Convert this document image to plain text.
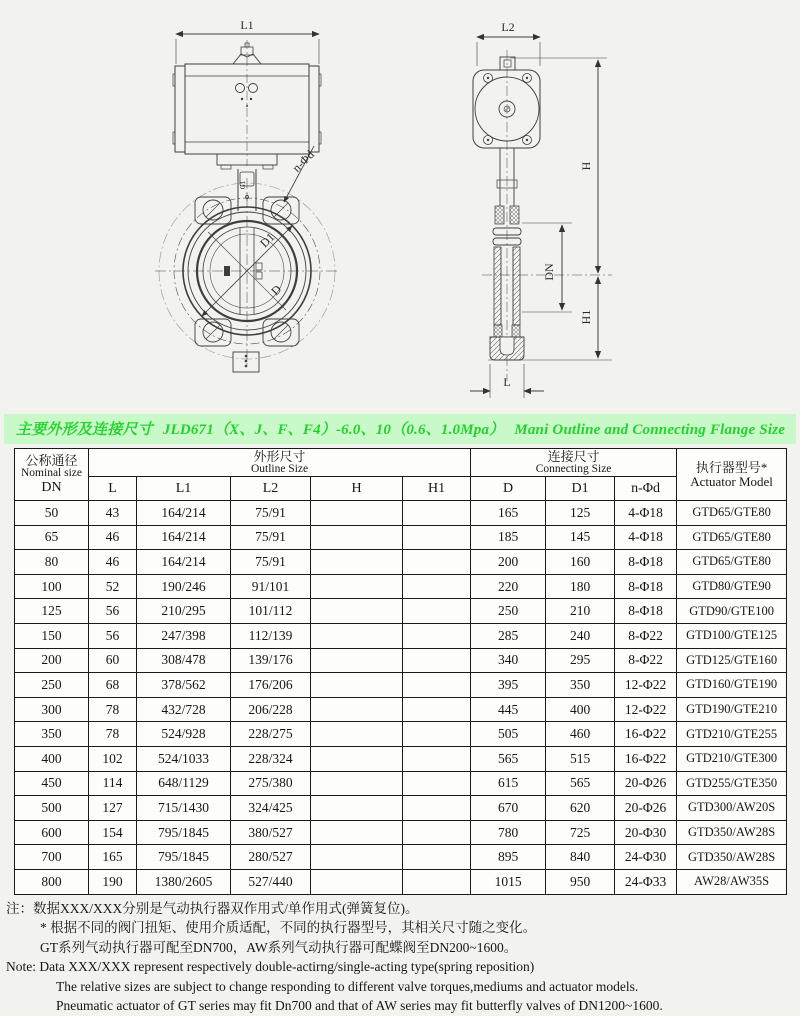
L1
n-Φd
D1
D
G1
L2
H
H1
DN
L
主要外形及连接尺寸 JLD671（X、J、F、F4）-6.0、10（0.6、1.0Mpa） Mani Outline and Connecting Flange Size
公称通径
Nominal size
DN	外形尺寸
Outline Size					连接尺寸
Connecting Size			执行器型号*
Actuator Model

	L	L1	L2	H	H1	D	D1	n-Φd	
50	43	164/214	75/91			165	125	4-Φ18	GTD65/GTE80
65	46	164/214	75/91			185	145	4-Φ18	GTD65/GTE80
80	46	164/214	75/91			200	160	8-Φ18	GTD65/GTE80
100	52	190/246	91/101			220	180	8-Φ18	GTD80/GTE90
125	56	210/295	101/112			250	210	8-Φ18	GTD90/GTE100
150	56	247/398	112/139			285	240	8-Φ22	GTD100/GTE125
200	60	308/478	139/176			340	295	8-Φ22	GTD125/GTE160
250	68	378/562	176/206			395	350	12-Φ22	GTD160/GTE190
300	78	432/728	206/228			445	400	12-Φ22	GTD190/GTE210
350	78	524/928	228/275			505	460	16-Φ22	GTD210/GTE255
400	102	524/1033	228/324			565	515	16-Φ22	GTD210/GTE300
450	114	648/1129	275/380			615	565	20-Φ26	GTD255/GTE350
500	127	715/1430	324/425			670	620	20-Φ26	GTD300/AW20S
600	154	795/1845	380/527			780	725	20-Φ30	GTD350/AW28S
700	165	795/1845	280/527			895	840	24-Φ30	GTD350/AW28S
800	190	1380/2605	527/440			1015	950	24-Φ33	AW28/AW35S
注：数据XXX/XXX分别是气动执行器双作用式/单作用式(弹簧复位)。
* 根据不同的阀门扭矩、使用介质适配，不同的执行器型号，其相关尺寸随之变化。
GT系列气动执行器可配至DN700，AW系列气动执行器可配蝶阀至DN200~1600。
Note: Data XXX/XXX represent respectively double-actirng/single-acting type(spring reposition)
The relative sizes are subject to change responding to different valve torques,mediums and actuator models.
Pneumatic actuator of GT series may fit Dn700 and that of AW series may fit butterfly valves of DN1200~1600.
